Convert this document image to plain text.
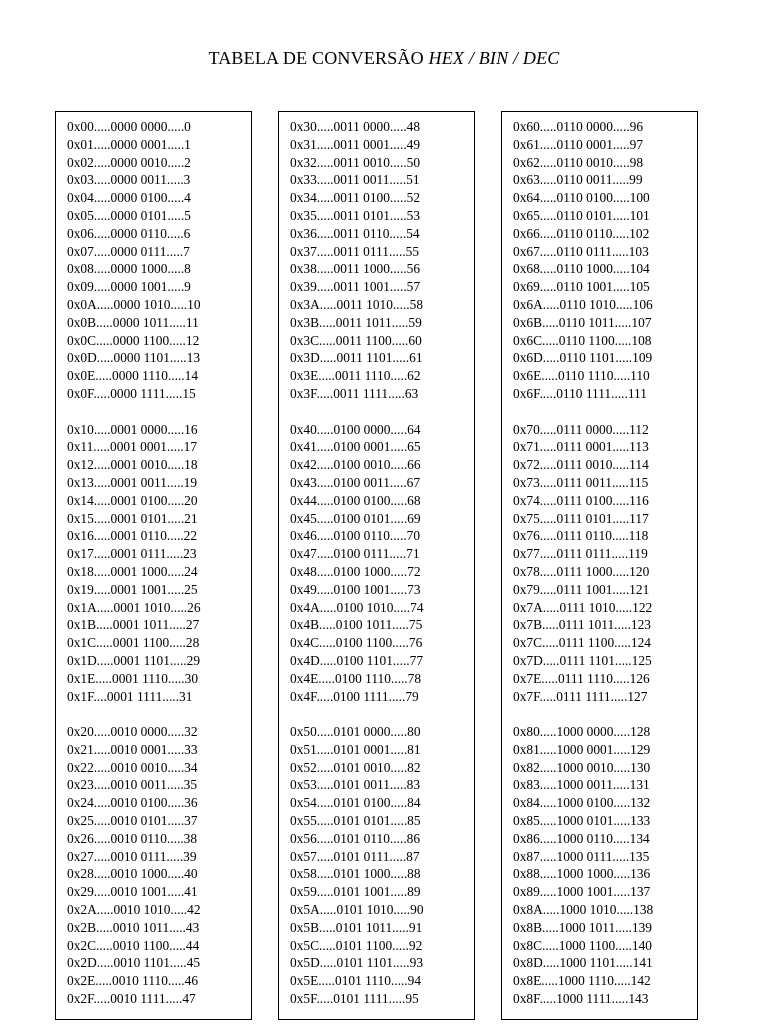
TABELA DE CONVERSÃO HEX / BIN / DEC
0x00.....0000 0000.....0
0x01.....0000 0001.....1
0x02.....0000 0010.....2
0x03.....0000 0011.....3
0x04.....0000 0100.....4
0x05.....0000 0101.....5
0x06.....0000 0110.....6
0x07.....0000 0111.....7
0x08.....0000 1000.....8
0x09.....0000 1001.....9
0x0A.....0000 1010.....10
0x0B.....0000 1011.....11
0x0C.....0000 1100.....12
0x0D.....0000 1101.....13
0x0E.....0000 1110.....14
0x0F.....0000 1111.....15
0x10.....0001 0000.....16
0x11.....0001 0001.....17
0x12.....0001 0010.....18
0x13.....0001 0011.....19
0x14.....0001 0100.....20
0x15.....0001 0101.....21
0x16.....0001 0110.....22
0x17.....0001 0111.....23
0x18.....0001 1000.....24
0x19.....0001 1001.....25
0x1A.....0001 1010.....26
0x1B.....0001 1011.....27
0x1C.....0001 1100.....28
0x1D.....0001 1101.....29
0x1E.....0001 1110.....30
0x1F....0001 1111.....31
0x20.....0010 0000.....32
0x21.....0010 0001.....33
0x22.....0010 0010.....34
0x23.....0010 0011.....35
0x24.....0010 0100.....36
0x25.....0010 0101.....37
0x26.....0010 0110.....38
0x27.....0010 0111.....39
0x28.....0010 1000.....40
0x29.....0010 1001.....41
0x2A.....0010 1010.....42
0x2B.....0010 1011.....43
0x2C.....0010 1100.....44
0x2D.....0010 1101.....45
0x2E.....0010 1110.....46
0x2F.....0010 1111.....47
0x30.....0011 0000.....48
0x31.....0011 0001.....49
0x32.....0011 0010.....50
0x33.....0011 0011.....51
0x34.....0011 0100.....52
0x35.....0011 0101.....53
0x36.....0011 0110.....54
0x37.....0011 0111.....55
0x38.....0011 1000.....56
0x39.....0011 1001.....57
0x3A.....0011 1010.....58
0x3B.....0011 1011.....59
0x3C.....0011 1100.....60
0x3D.....0011 1101.....61
0x3E.....0011 1110.....62
0x3F.....0011 1111.....63
0x40.....0100 0000.....64
0x41.....0100 0001.....65
0x42.....0100 0010.....66
0x43.....0100 0011.....67
0x44.....0100 0100.....68
0x45.....0100 0101.....69
0x46.....0100 0110.....70
0x47.....0100 0111.....71
0x48.....0100 1000.....72
0x49.....0100 1001.....73
0x4A.....0100 1010.....74
0x4B.....0100 1011.....75
0x4C.....0100 1100.....76
0x4D.....0100 1101.....77
0x4E.....0100 1110.....78
0x4F.....0100 1111.....79
0x50.....0101 0000.....80
0x51.....0101 0001.....81
0x52.....0101 0010.....82
0x53.....0101 0011.....83
0x54.....0101 0100.....84
0x55.....0101 0101.....85
0x56.....0101 0110.....86
0x57.....0101 0111.....87
0x58.....0101 1000.....88
0x59.....0101 1001.....89
0x5A.....0101 1010.....90
0x5B.....0101 1011.....91
0x5C.....0101 1100.....92
0x5D.....0101 1101.....93
0x5E.....0101 1110.....94
0x5F.....0101 1111.....95
0x60.....0110 0000.....96
0x61.....0110 0001.....97
0x62.....0110 0010.....98
0x63.....0110 0011.....99
0x64.....0110 0100.....100
0x65.....0110 0101.....101
0x66.....0110 0110.....102
0x67.....0110 0111.....103
0x68.....0110 1000.....104
0x69.....0110 1001.....105
0x6A.....0110 1010.....106
0x6B.....0110 1011.....107
0x6C.....0110 1100.....108
0x6D.....0110 1101.....109
0x6E.....0110 1110.....110
0x6F.....0110 1111.....111
0x70.....0111 0000.....112
0x71.....0111 0001.....113
0x72.....0111 0010.....114
0x73.....0111 0011.....115
0x74.....0111 0100.....116
0x75.....0111 0101.....117
0x76.....0111 0110.....118
0x77.....0111 0111.....119
0x78.....0111 1000.....120
0x79.....0111 1001.....121
0x7A.....0111 1010.....122
0x7B.....0111 1011.....123
0x7C.....0111 1100.....124
0x7D.....0111 1101.....125
0x7E.....0111 1110.....126
0x7F.....0111 1111.....127
0x80.....1000 0000.....128
0x81.....1000 0001.....129
0x82.....1000 0010.....130
0x83.....1000 0011.....131
0x84.....1000 0100.....132
0x85.....1000 0101.....133
0x86.....1000 0110.....134
0x87.....1000 0111.....135
0x88.....1000 1000.....136
0x89.....1000 1001.....137
0x8A.....1000 1010.....138
0x8B.....1000 1011.....139
0x8C.....1000 1100.....140
0x8D.....1000 1101.....141
0x8E.....1000 1110.....142
0x8F.....1000 1111.....143
